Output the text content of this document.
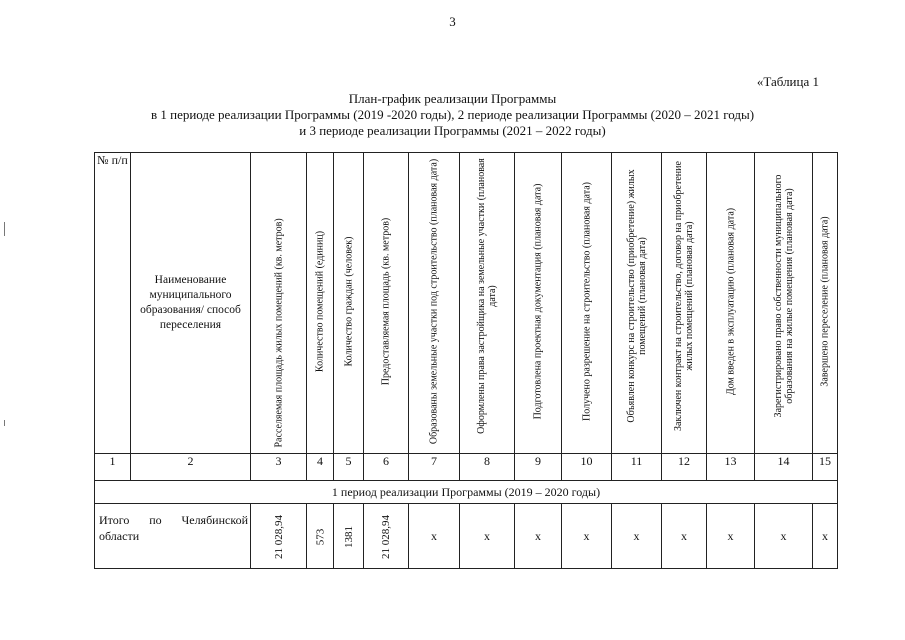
3
«Таблица 1
План-график реализации Программы
в 1 периоде реализации Программы (2019 -2020 годы), 2 периоде реализации Программы (2020 – 2021 годы)
и 3 периоде реализации Программы (2021 – 2022 годы)
№ п/п	Наименование муниципального образования/ способ переселения	Расселяемая площадь жилых помещений (кв. метров)	Количество помещений (единиц)	Количество граждан (человек)	Предоставляемая площадь (кв. метров)	Образованы земельные участки под строительство (плановая дата)	Оформлены права застройщика на земельные участки (плановая дата)	Подготовлена проектная документация (плановая дата)	Получено разрешение на строительство (плановая дата)	Объявлен конкурс на строительство (приобретение) жилых помещений (плановая дата)	Заключен контракт на строительство, договор на приобретение жилых помещений (плановая дата)	Дом введен в эксплуатацию (плановая дата)	Зарегистрировано право собственности муниципального образования на жилые помещения (плановая дата)	Завершено переселение (плановая дата)

1	2	3	4	5	6	7	8	9	10	11	12	13	14	15
1 период реализации Программы (2019 – 2020 годы)														
Итого по Челябинской области		21 028,94	573	1381	21 028,94	х	х	х	х	х	х	х	х	х
